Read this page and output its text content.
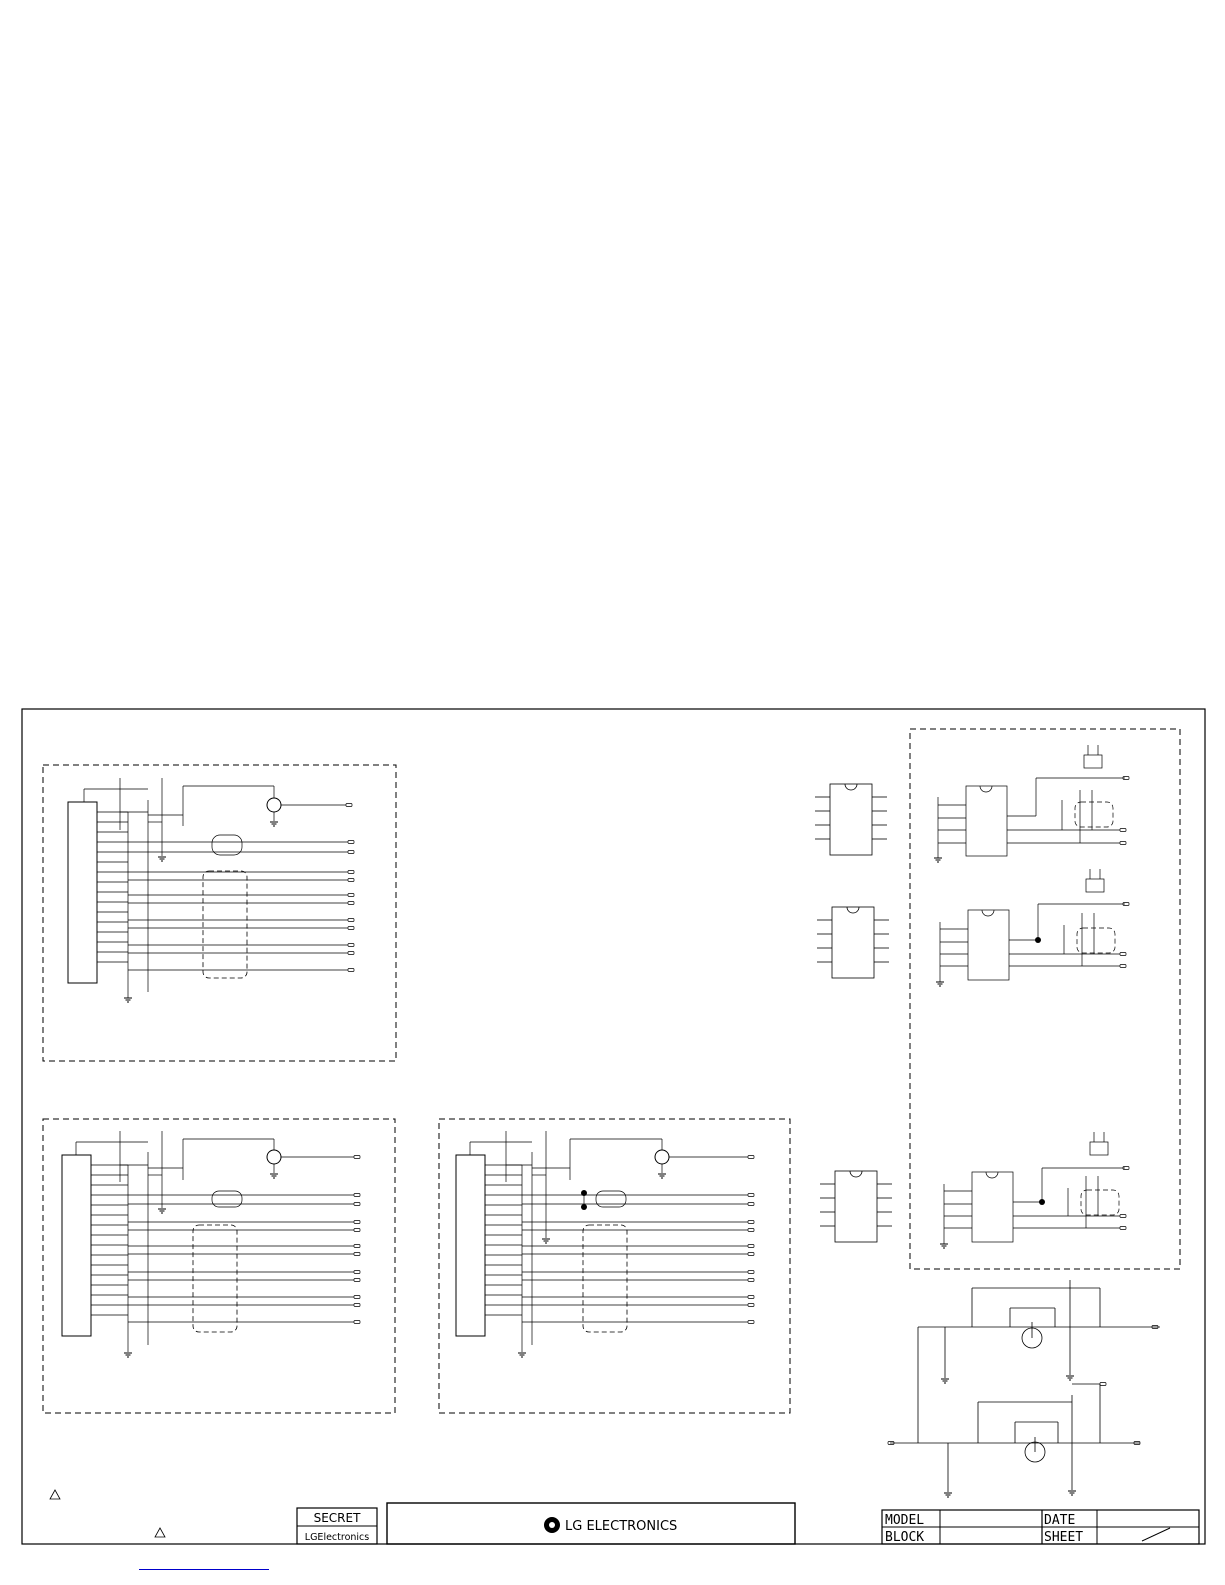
SECRET
LGElectronics
LG ELECTRONICS	MODEL
BLOCK
DATE
SHEET
